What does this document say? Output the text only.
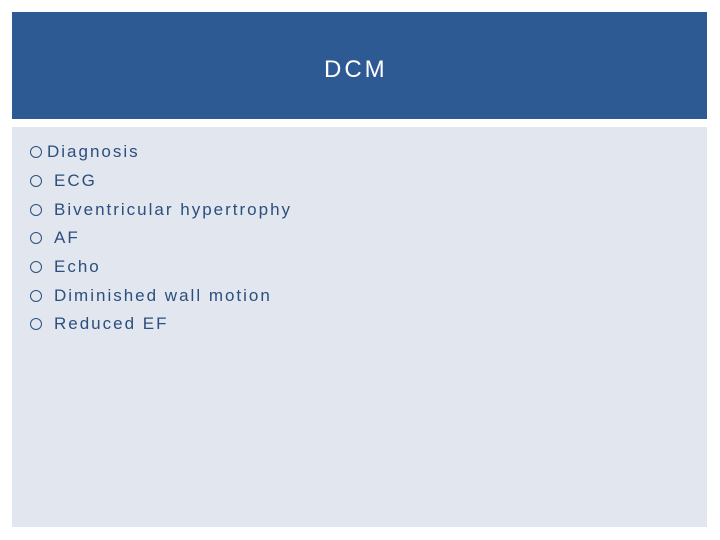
DCM
Diagnosis
ECG
Biventricular hypertrophy
AF
Echo
Diminished wall motion
Reduced EF
